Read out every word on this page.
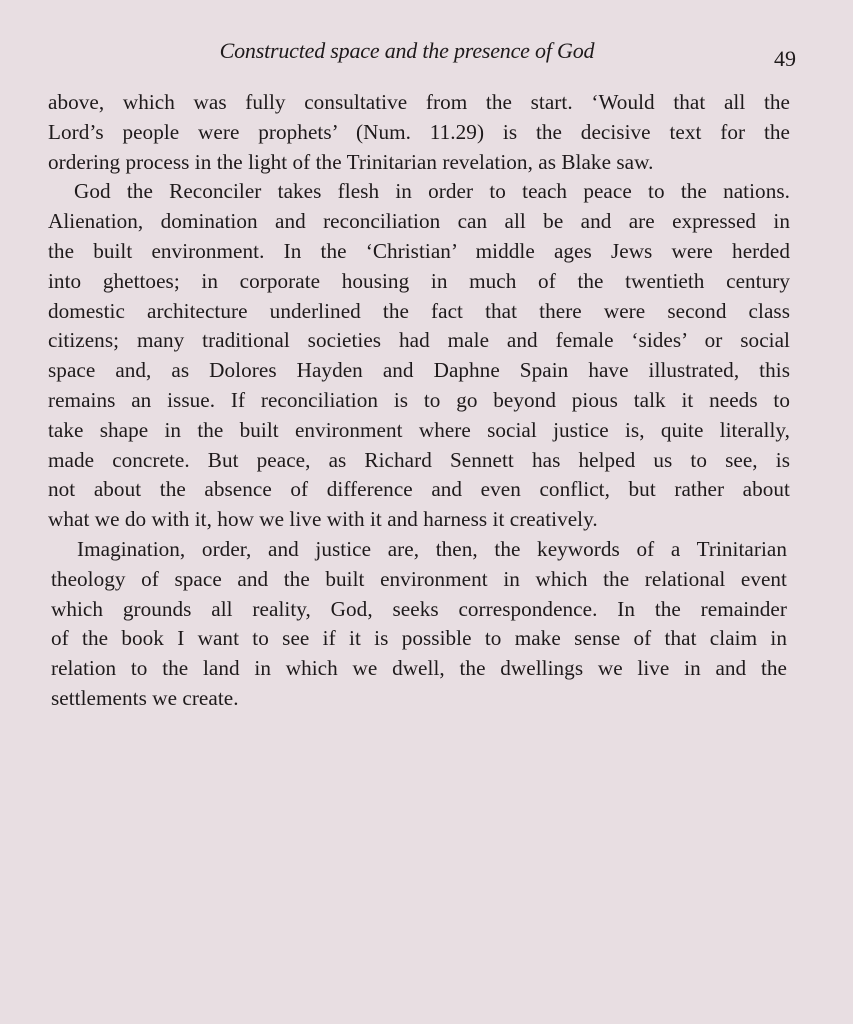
Constructed space and the presence of God	49
above, which was fully consultative from the start. ‘Would that all the
Lord’s people were prophets’ (Num. 11.29) is the decisive text for the
ordering process in the light of the Trinitarian revelation, as Blake saw.
God the Reconciler takes flesh in order to teach peace to the nations.
Alienation, domination and reconciliation can all be and are expressed in
the built environment. In the ‘Christian’ middle ages Jews were herded
into ghettoes; in corporate housing in much of the twentieth century
domestic architecture underlined the fact that there were second class
citizens; many traditional societies had male and female ‘sides’ or social
space and, as Dolores Hayden and Daphne Spain have illustrated, this
remains an issue. If reconciliation is to go beyond pious talk it needs to
take shape in the built environment where social justice is, quite literally,
made concrete. But peace, as Richard Sennett has helped us to see, is
not about the absence of difference and even conflict, but rather about
what we do with it, how we live with it and harness it creatively.
Imagination, order, and justice are, then, the keywords of a Trinitarian
theology of space and the built environment in which the relational event
which grounds all reality, God, seeks correspondence. In the remainder
of the book I want to see if it is possible to make sense of that claim in
relation to the land in which we dwell, the dwellings we live in and the
settlements we create.
